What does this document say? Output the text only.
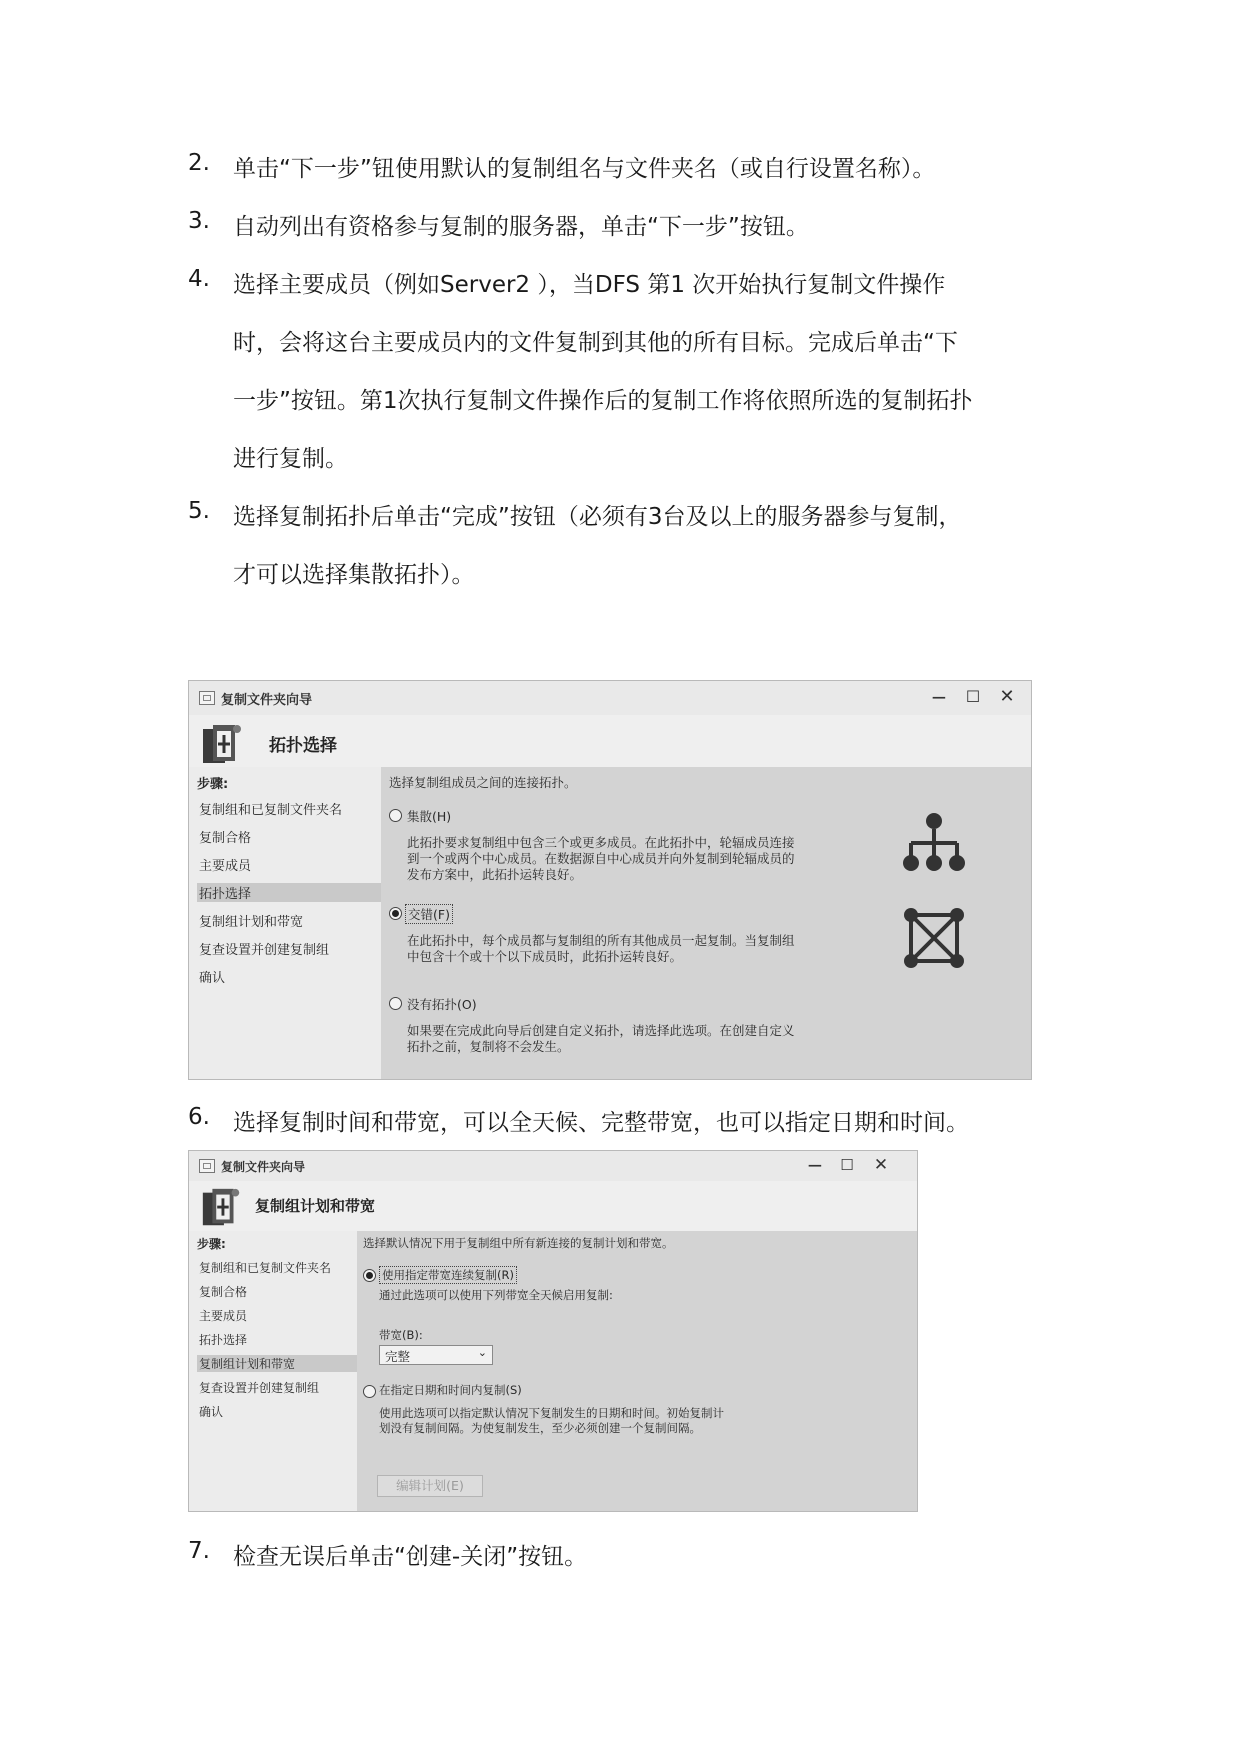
2.	单击“下一步”钮使用默认的复制组名与文件夹名（或自行设置名称）。
3.	自动列出有资格参与复制的服务器，单击“下一步”按钮。
4.	选择主要成员（例如Server2 ），当DFS 第1 次开始执行复制文件操作
时，会将这台主要成员内的文件复制到其他的所有目标。完成后单击“下
一步”按钮。第1次执行复制文件操作后的复制工作将依照所选的复制拓扑
进行复制。
5.	选择复制拓扑后单击“完成”按钮（必须有3台及以上的服务器参与复制，
才可以选择集散拓扑）。
复制文件夹向导	−	☐	✕
拓扑选择
步骤:
复制组和已复制文件夹名
复制合格
主要成员
拓扑选择
复制组计划和带宽
复查设置并创建复制组
确认
选择复制组成员之间的连接拓扑。
集散(H)
此拓扑要求复制组中包含三个或更多成员。在此拓扑中，轮辐成员连接
到一个或两个中心成员。在数据源自中心成员并向外复制到轮辐成员的
发布方案中，此拓扑运转良好。
交错(F)
在此拓扑中，每个成员都与复制组的所有其他成员一起复制。当复制组
中包含十个或十个以下成员时，此拓扑运转良好。
没有拓扑(O)
如果要在完成此向导后创建自定义拓扑，请选择此选项。在创建自定义
拓扑之前，复制将不会发生。
6.	选择复制时间和带宽，可以全天候、完整带宽，也可以指定日期和时间。
复制文件夹向导	−	☐	✕
复制组计划和带宽
步骤:
复制组和已复制文件夹名
复制合格
主要成员
拓扑选择
复制组计划和带宽
复查设置并创建复制组
确认
选择默认情况下用于复制组中所有新连接的复制计划和带宽。
使用指定带宽连续复制(R)
通过此选项可以使用下列带宽全天候启用复制:
带宽(B):
完整	⌄
在指定日期和时间内复制(S)
使用此选项可以指定默认情况下复制发生的日期和时间。初始复制计
划没有复制间隔。为使复制发生，至少必须创建一个复制间隔。
编辑计划(E)
7.	检查无误后单击“创建-关闭”按钮。
